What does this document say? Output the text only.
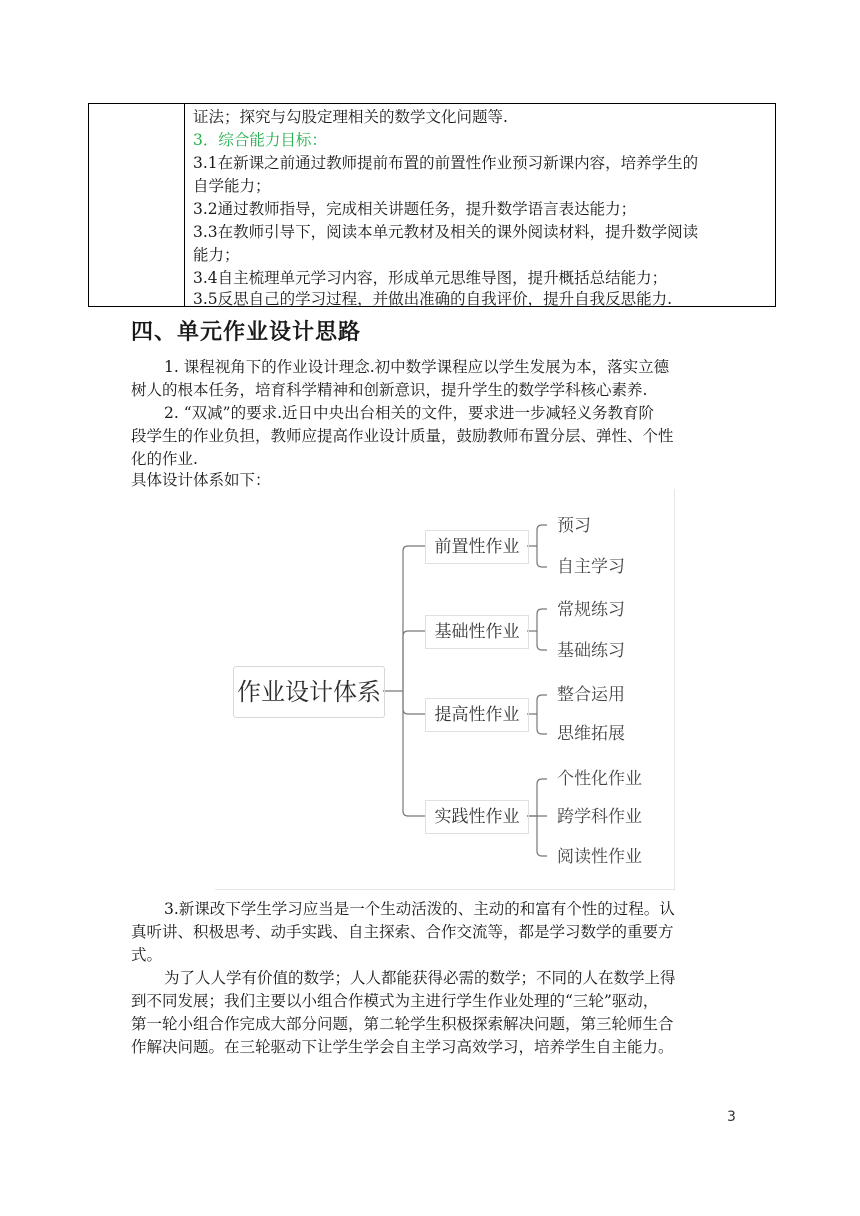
证法；探究与勾股定理相关的数学文化问题等.
3．综合能力目标：
3.1在新课之前通过教师提前布置的前置性作业预习新课内容，培养学生的
自学能力；
3.2通过教师指导，完成相关讲题任务，提升数学语言表达能力；
3.3在教师引导下，阅读本单元教材及相关的课外阅读材料，提升数学阅读
能力；
3.4自主梳理单元学习内容，形成单元思维导图，提升概括总结能力；
3.5反思自己的学习过程，并做出准确的自我评价，提升自我反思能力.
四、单元作业设计思路
1. 课程视角下的作业设计理念.初中数学课程应以学生发展为本，落实立德
树人的根本任务，培育科学精神和创新意识，提升学生的数学学科核心素养.
2. “双减”的要求.近日中央出台相关的文件，要求进一步减轻义务教育阶
段学生的作业负担，教师应提高作业设计质量，鼓励教师布置分层、弹性、个性
化的作业.
具体设计体系如下：
作业设计体系
前置性作业
基础性作业
提高性作业
实践性作业
预习
自主学习
常规练习
基础练习
整合运用
思维拓展
个性化作业
跨学科作业
阅读性作业
3.新课改下学生学习应当是一个生动活泼的、主动的和富有个性的过程。认
真听讲、积极思考、动手实践、自主探索、合作交流等，都是学习数学的重要方
式。
为了人人学有价值的数学；人人都能获得必需的数学；不同的人在数学上得
到不同发展；我们主要以小组合作模式为主进行学生作业处理的“三轮”驱动，
第一轮小组合作完成大部分问题，第二轮学生积极探索解决问题，第三轮师生合
作解决问题。在三轮驱动下让学生学会自主学习高效学习，培养学生自主能力。
3
